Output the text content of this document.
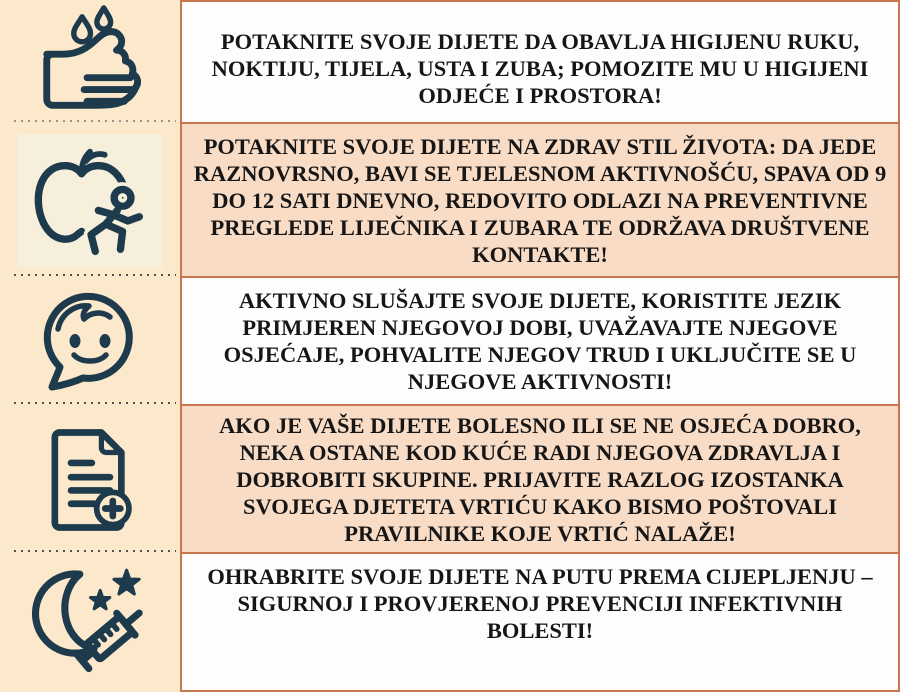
POTAKNITE SVOJE DIJETE DA OBAVLJA HIGIJENU RUKU, NOKTIJU, TIJELA, USTA I ZUBA; POMOZITE MU U HIGIJENI ODJEĆE I PROSTORA!

POTAKNITE SVOJE DIJETE NA ZDRAV STIL ŽIVOTA: DA JEDE RAZNOVRSNO, BAVI SE TJELESNOM AKTIVNOŠĆU, SPAVA OD 9 DO 12 SATI DNEVNO, REDOVITO ODLAZI NA PREVENTIVNE PREGLEDE LIJEČNIKA I ZUBARA TE ODRŽAVA DRUŠTVENE KONTAKTE!

AKTIVNO SLUŠAJTE SVOJE DIJETE, KORISTITE JEZIK PRIMJEREN NJEGOVOJ DOBI, UVAŽAVAJTE NJEGOVE OSJEĆAJE, POHVALITE NJEGOV TRUD I UKLJUČITE SE U NJEGOVE AKTIVNOSTI!

AKO JE VAŠE DIJETE BOLESNO ILI SE NE OSJEĆA DOBRO, NEKA OSTANE KOD KUĆE RADI NJEGOVA ZDRAVLJA I DOBROBITI SKUPINE. PRIJAVITE RAZLOG IZOSTANKA SVOJEGA DJETETA VRTIĆU KAKO BISMO POŠTOVALI PRAVILNIKE KOJE VRTIĆ NALAŽE!

OHRABRITE SVOJE DIJETE NA PUTU PREMA CIJEPLJENJU – SIGURNOJ I PROVJERENOJ PREVENCIJI INFEKTIVNIH BOLESTI!
